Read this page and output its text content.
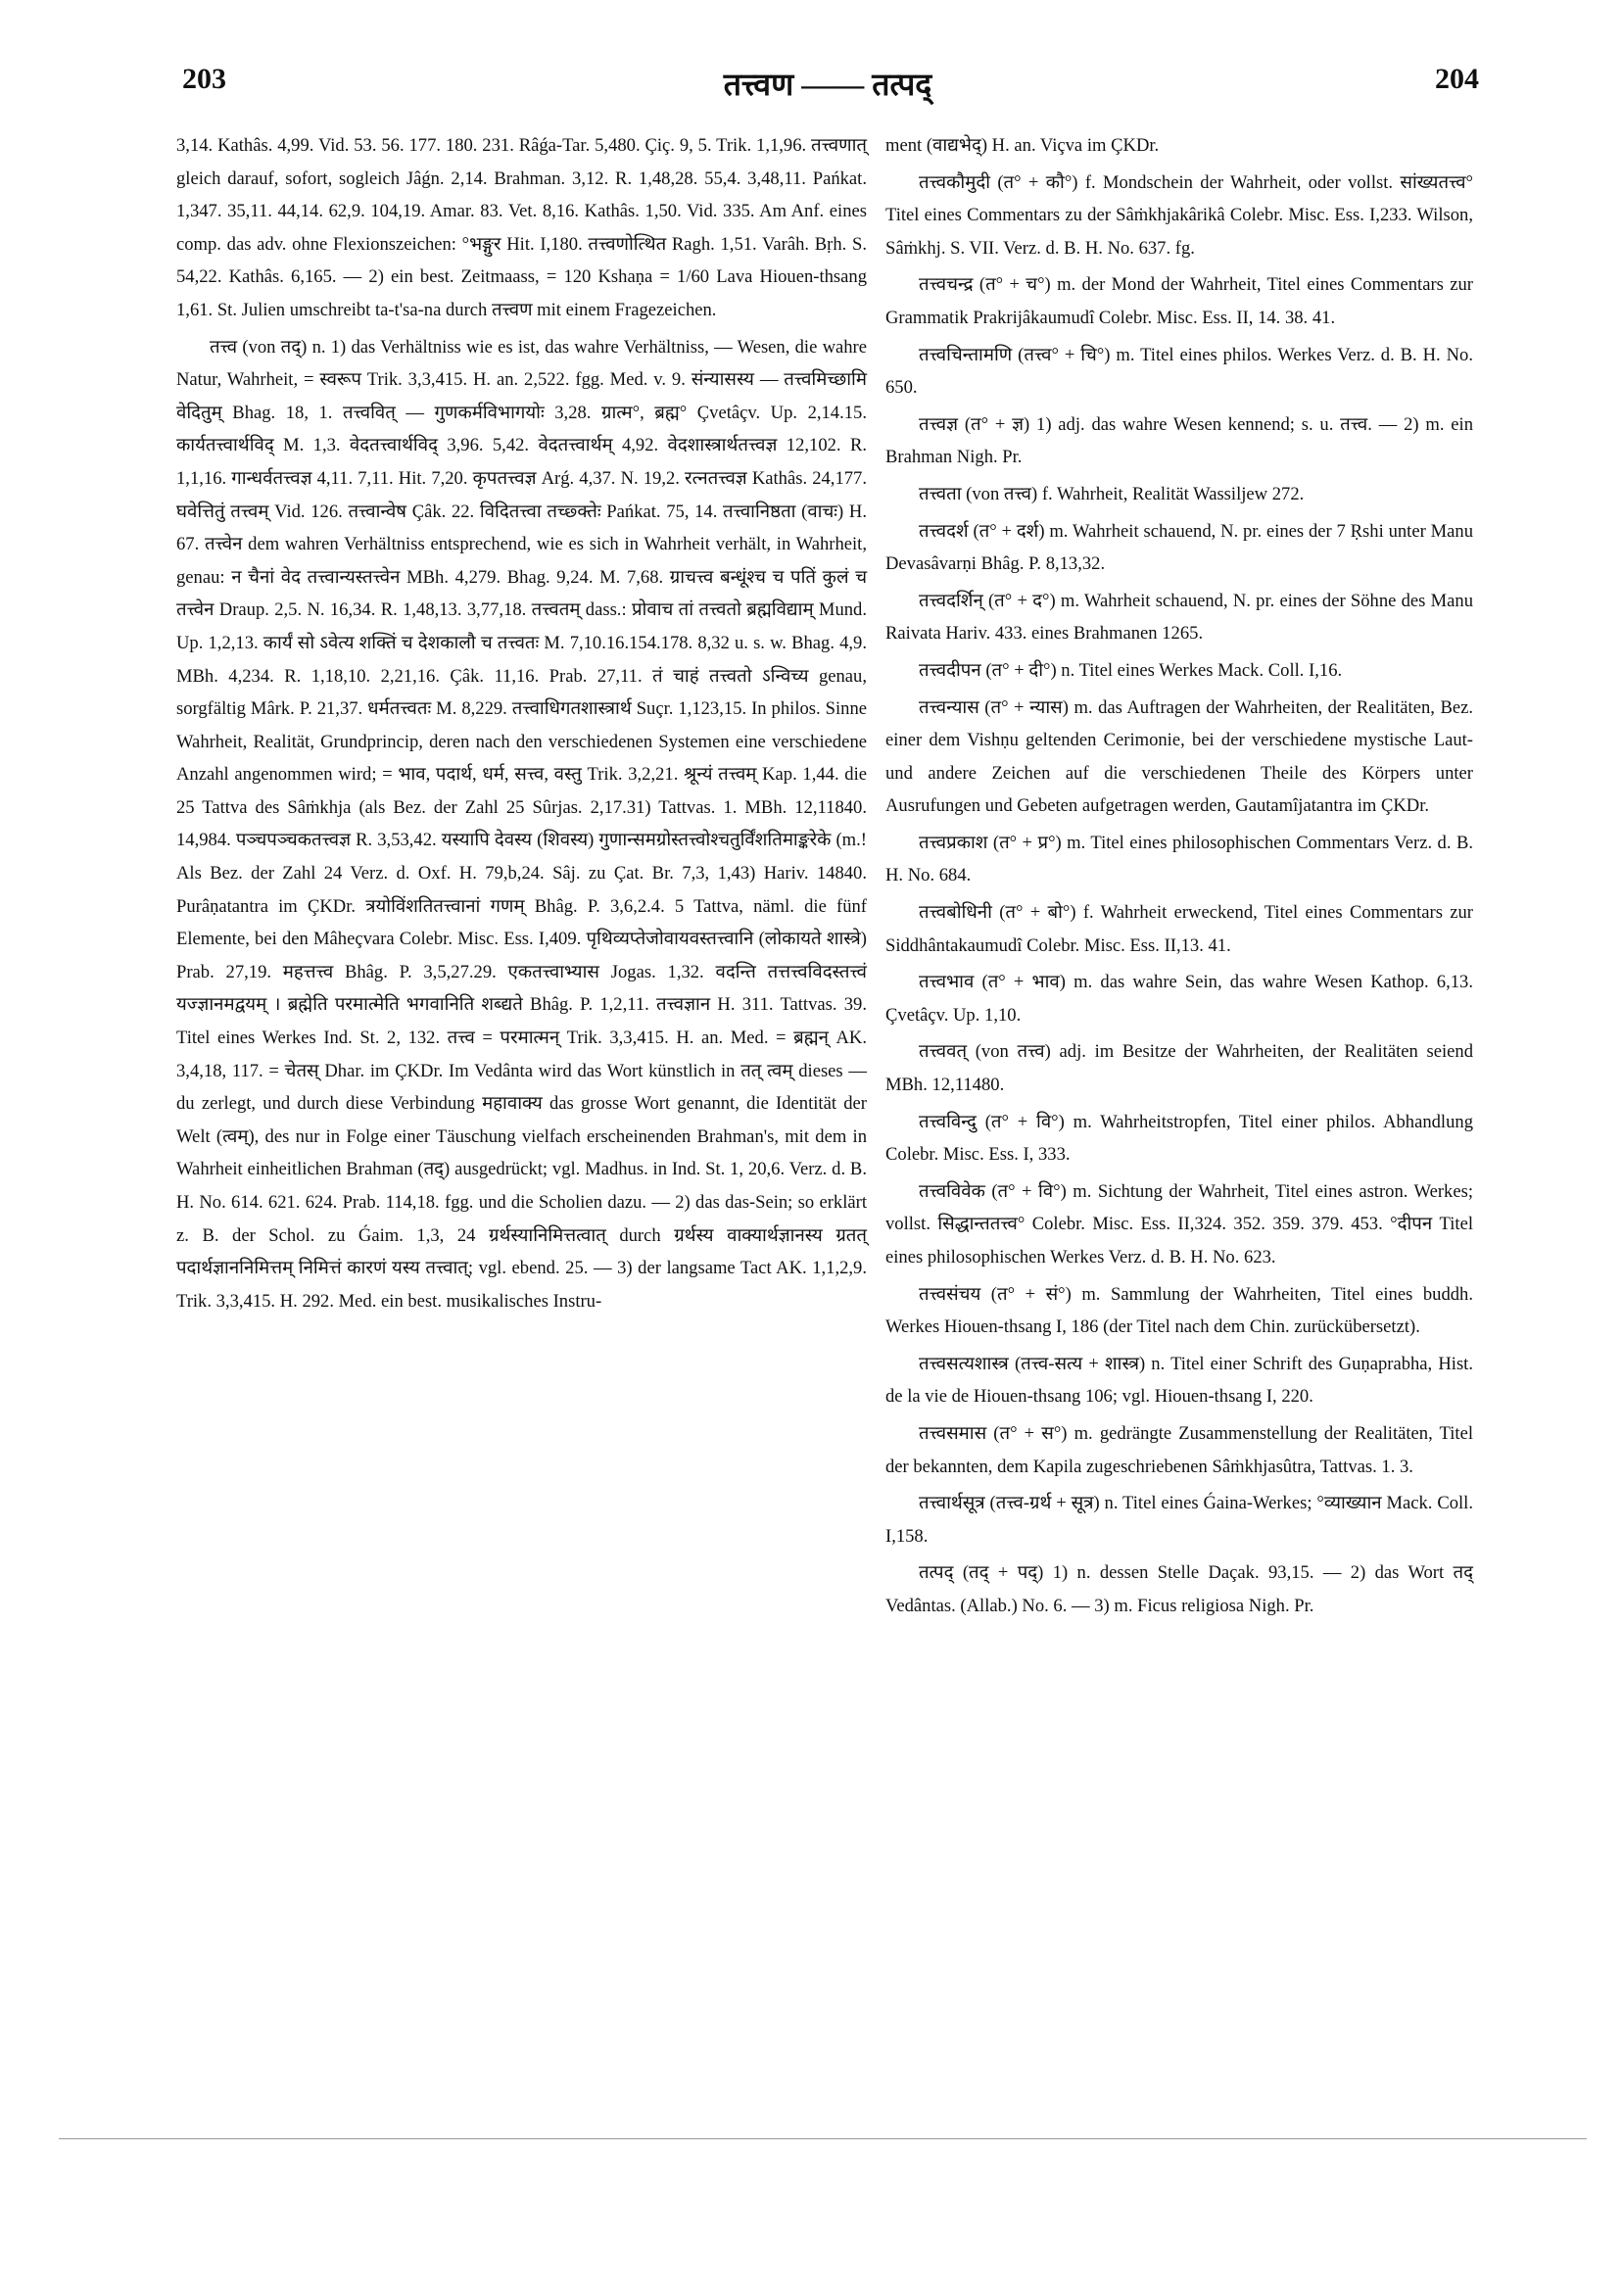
203	तत्त्वण —— तत्पद्	204

3,14. Kathâs. 4,99. Vid. 53. 56. 177. 180. 231. Râǵa-Tar. 5,480. Çiç. 9, 5. Trik. 1,1,96. तत्त्वणात् gleich darauf, sofort, sogleich Jâǵn. 2,14. Brahman. 3,12. R. 1,48,28. 55,4. 3,48,11. Pańkat. 1,347. 35,11. 44,14. 62,9. 104,19. Amar. 83. Vet. 8,16. Kathâs. 1,50. Vid. 335. Am Anf. eines comp. das adv. ohne Flexionszeichen: °भङ्गुर Hit. I,180. तत्त्वणोत्थित Ragh. 1,51. Varâh. Bṛh. S. 54,22. Kathâs. 6,165. — 2) ein best. Zeitmaass, = 120 Kshaṇa = 1/60 Lava Hiouen-thsang 1,61. St. Julien umschreibt ta-t'sa-na durch तत्त्वण mit einem Fragezeichen.

तत्त्व (von तद्) n. 1) das Verhältniss wie es ist, das wahre Verhältniss, — Wesen, die wahre Natur, Wahrheit, = स्वरूप Trik. 3,3,415. H. an. 2,522. fgg. Med. v. 9. संन्यासस्य — तत्त्वमिच्छामि वेदितुम् Bhag. 18, 1. तत्त्ववित् — गुणकर्मविभागयोः 3,28. ग्रात्म°, ब्रह्म° Çvetâçv. Up. 2,14.15. कार्यतत्त्वार्थविद् M. 1,3. वेदतत्त्वार्थविद् 3,96. 5,42. वेदतत्त्वार्थम् 4,92. वेदशास्त्रार्थतत्त्वज्ञ 12,102. R. 1,1,16. गान्धर्वतत्त्वज्ञ 4,11. 7,11. Hit. 7,20. कृपतत्त्वज्ञ Arǵ. 4,37. N. 19,2. रत्नतत्त्वज्ञ Kathâs. 24,177. घवेत्तितुं तत्त्वम् Vid. 126. तत्त्वान्वेष Çâk. 22. विदितत्त्वा तच्छ्क्तेः Pańkat. 75, 14. तत्त्वानिष्ठता (वाचः) H. 67. तत्त्वेन dem wahren Verhältniss entsprechend, wie es sich in Wahrheit verhält, in Wahrheit, genau: न चैनां वेद तत्त्वान्यस्तत्त्वेन MBh. 4,279. Bhag. 9,24. M. 7,68. ग्राचत्त्व बन्धूंश्च च पतिं कुलं च तत्त्वेन Draup. 2,5. N. 16,34. R. 1,48,13. 3,77,18. तत्त्वतम् dass.: प्रोवाच तां तत्त्वतो ब्रह्मविद्याम् Mund. Up. 1,2,13. कार्यं सो ऽवेत्य शक्तिं च देशकालौ च तत्त्वतः M. 7,10.16.154.178. 8,32 u. s. w. Bhag. 4,9. MBh. 4,234. R. 1,18,10. 2,21,16. Çâk. 11,16. Prab. 27,11. तं चाहं तत्त्वतो ऽन्विच्य genau, sorgfältig Mârk. P. 21,37. धर्मतत्त्वतः M. 8,229. तत्त्वाधिगतशास्त्रार्थ Suçr. 1,123,15. In philos. Sinne Wahrheit, Realität, Grundprincip, deren nach den verschiedenen Systemen eine verschiedene Anzahl angenommen wird; = भाव, पदार्थ, धर्म, सत्त्व, वस्तु Trik. 3,2,21. श्रून्यं तत्त्वम् Kap. 1,44. die 25 Tattva des Sâṁkhja (als Bez. der Zahl 25 Sûrjas. 2,17.31) Tattvas. 1. MBh. 12,11840. 14,984. पञ्चपञ्चकतत्त्वज्ञ R. 3,53,42. यस्यापि देवस्य (शिवस्य) गुणान्समग्रोस्तत्त्वोश्चतुर्विंशतिमाङ्करेके (m.! Als Bez. der Zahl 24 Verz. d. Oxf. H. 79,b,24. Sâj. zu Çat. Br. 7,3, 1,43) Hariv. 14840. Purâṇatantra im ÇKDr. त्रयोविंशतितत्त्वानां गणम् Bhâg. P. 3,6,2.4. 5 Tattva, näml. die fünf Elemente, bei den Mâheçvara Colebr. Misc. Ess. I,409. पृथिव्यप्तेजोवायवस्तत्त्वानि (लोकायते शास्त्रे) Prab. 27,19. महत्तत्त्व Bhâg. P. 3,5,27.29. एकतत्त्वाभ्यास Jogas. 1,32. वदन्ति तत्तत्त्वविदस्तत्त्वं यज्ज्ञानमद्वयम् । ब्रह्मेति परमात्मेति भगवानिति शब्द्यते Bhâg. P. 1,2,11. तत्त्वज्ञान H. 311. Tattvas. 39. Titel eines Werkes Ind. St. 2, 132. तत्त्व = परमात्मन् Trik. 3,3,415. H. an. Med. = ब्रह्मन् AK. 3,4,18, 117. = चेतस् Dhar. im ÇKDr. Im Vedânta wird das Wort künstlich in तत् त्वम् dieses — du zerlegt, und durch diese Verbindung महावाक्य das grosse Wort genannt, die Identität der Welt (त्वम्), des nur in Folge einer Täuschung vielfach erscheinenden Brahman's, mit dem in Wahrheit einheitlichen Brahman (तद्) ausgedrückt; vgl. Madhus. in Ind. St. 1, 20,6. Verz. d. B. H. No. 614. 621. 624. Prab. 114,18. fgg. und die Scholien dazu. — 2) das das-Sein; so erklärt z. B. der Schol. zu Ǵaim. 1,3, 24 ग्रर्थस्यानिमित्तत्वात् durch ग्रर्थस्य वाक्यार्थज्ञानस्य ग्रतत् पदार्थज्ञाननिमित्तम् निमित्तं कारणं यस्य तत्त्वात्; vgl. ebend. 25. — 3) der langsame Tact AK. 1,1,2,9. Trik. 3,3,415. H. 292. Med. ein best. musikalisches Instru-

ment (वाद्यभेद्) H. an. Viçva im ÇKDr.

तत्त्वकौमुदी (त° + कौ°) f. Mondschein der Wahrheit, oder vollst. सांख्यतत्त्व° Titel eines Commentars zu der Sâṁkhjakârikâ Colebr. Misc. Ess. I,233. Wilson, Sâṁkhj. S. VII. Verz. d. B. H. No. 637. fg.

तत्त्वचन्द्र (त° + च°) m. der Mond der Wahrheit, Titel eines Commentars zur Grammatik Prakrijâkaumudî Colebr. Misc. Ess. II, 14. 38. 41.

तत्त्वचिन्तामणि (तत्त्व° + चि°) m. Titel eines philos. Werkes Verz. d. B. H. No. 650.

तत्त्वज्ञ (त° + ज्ञ) 1) adj. das wahre Wesen kennend; s. u. तत्त्व. — 2) m. ein Brahman Nigh. Pr.

तत्त्वता (von तत्त्व) f. Wahrheit, Realität Wassiljew 272.

तत्त्वदर्श (त° + दर्श) m. Wahrheit schauend, N. pr. eines der 7 Ṛshi unter Manu Devasâvarṇi Bhâg. P. 8,13,32.

तत्त्वदर्शिन् (त° + द°) m. Wahrheit schauend, N. pr. eines der Söhne des Manu Raivata Hariv. 433. eines Brahmanen 1265.

तत्त्वदीपन (त° + दी°) n. Titel eines Werkes Mack. Coll. I,16.

तत्त्वन्यास (त° + न्यास) m. das Auftragen der Wahrheiten, der Realitäten, Bez. einer dem Vishṇu geltenden Cerimonie, bei der verschiedene mystische Laut- und andere Zeichen auf die verschiedenen Theile des Körpers unter Ausrufungen und Gebeten aufgetragen werden, Gautamîjatantra im ÇKDr.

तत्त्वप्रकाश (त° + प्र°) m. Titel eines philosophischen Commentars Verz. d. B. H. No. 684.

तत्त्वबोधिनी (त° + बो°) f. Wahrheit erweckend, Titel eines Commentars zur Siddhântakaumudî Colebr. Misc. Ess. II,13. 41.

तत्त्वभाव (त° + भाव) m. das wahre Sein, das wahre Wesen Kathop. 6,13. Çvetâçv. Up. 1,10.

तत्त्ववत् (von तत्त्व) adj. im Besitze der Wahrheiten, der Realitäten seiend MBh. 12,11480.

तत्त्वविन्दु (त° + वि°) m. Wahrheitstropfen, Titel einer philos. Abhandlung Colebr. Misc. Ess. I, 333.

तत्त्वविवेक (त° + वि°) m. Sichtung der Wahrheit, Titel eines astron. Werkes; vollst. सिद्धान्ततत्त्व° Colebr. Misc. Ess. II,324. 352. 359. 379. 453. °दीपन Titel eines philosophischen Werkes Verz. d. B. H. No. 623.

तत्त्वसंचय (त° + सं°) m. Sammlung der Wahrheiten, Titel eines buddh. Werkes Hiouen-thsang I, 186 (der Titel nach dem Chin. zurückübersetzt).

तत्त्वसत्यशास्त्र (तत्त्व-सत्य + शास्त्र) n. Titel einer Schrift des Guṇaprabha, Hist. de la vie de Hiouen-thsang 106; vgl. Hiouen-thsang I, 220.

तत्त्वसमास (त° + स°) m. gedrängte Zusammenstellung der Realitäten, Titel der bekannten, dem Kapila zugeschriebenen Sâṁkhjasûtra, Tattvas. 1. 3.

तत्त्वार्थसूत्र (तत्त्व-ग्रर्थ + सूत्र) n. Titel eines Ǵaina-Werkes; °व्याख्यान Mack. Coll. I,158.

तत्पद् (तद् + पद्) 1) n. dessen Stelle Daçak. 93,15. — 2) das Wort तद् Vedântas. (Allab.) No. 6. — 3) m. Ficus religiosa Nigh. Pr.
